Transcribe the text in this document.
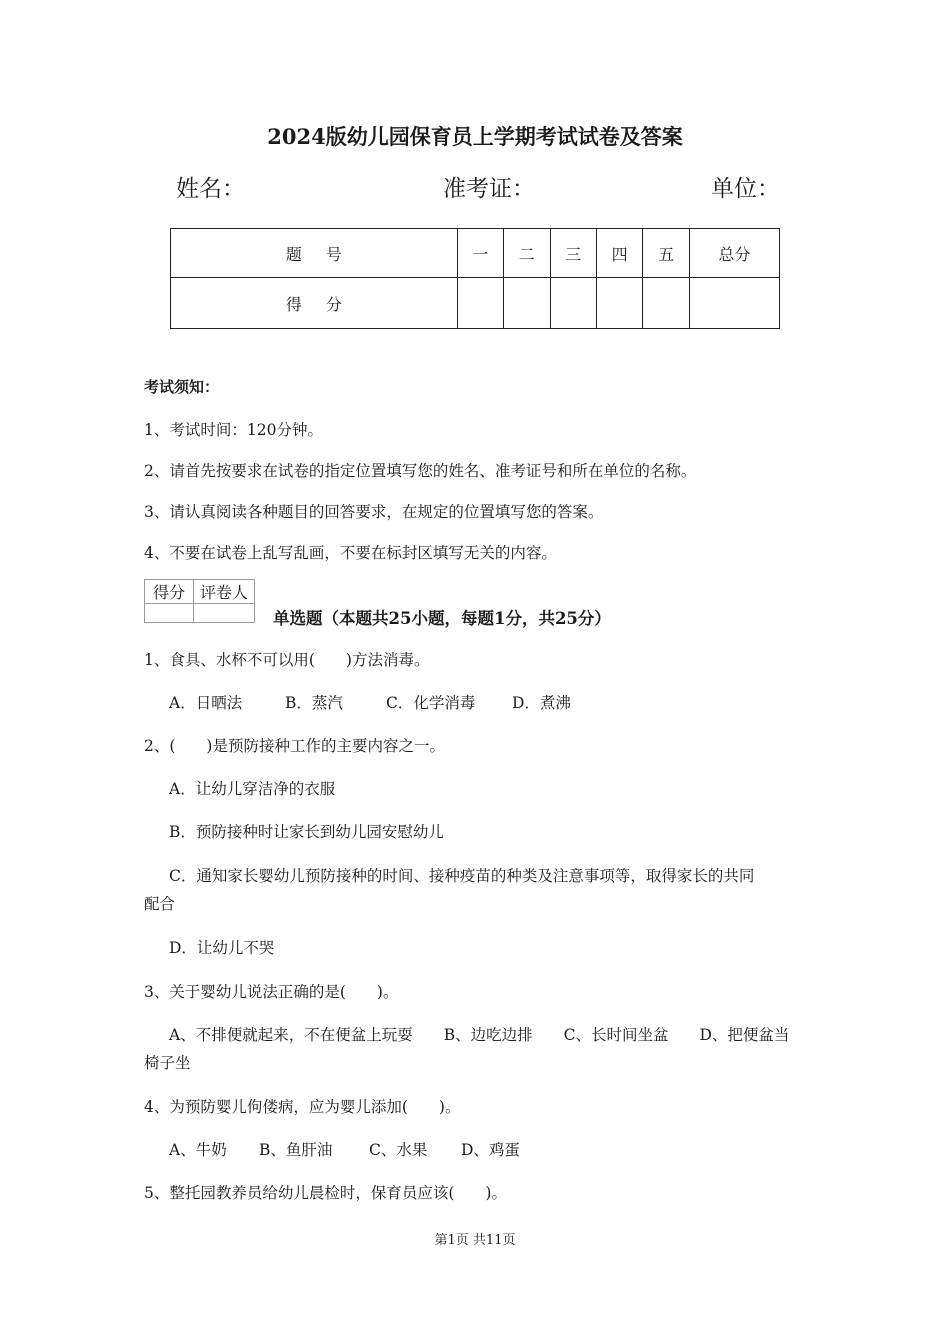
2024版幼儿园保育员上学期考试试卷及答案
姓名：	准考证：	单位：
题号	一	二	三	四	五	总分
得分						
考试须知：
1、考试时间：120分钟。
2、请首先按要求在试卷的指定位置填写您的姓名、准考证号和所在单位的名称。
3、请认真阅读各种题目的回答要求，在规定的位置填写您的答案。
4、不要在试卷上乱写乱画，不要在标封区填写无关的内容。
得分	评卷人

单选题（本题共25小题，每题1分，共25分）
1、食具、水杯不可以用(　　)方法消毒。
A．日晒法	B．蒸汽	C．化学消毒 D．煮沸
2、(　　)是预防接种工作的主要内容之一。
A．让幼儿穿洁净的衣服
B．预防接种时让家长到幼儿园安慰幼儿
C．通知家长婴幼儿预防接种的时间、接种疫苗的种类及注意事项等，取得家长的共同
配合
D．让幼儿不哭
3、关于婴幼儿说法正确的是(　　)。
A、不排便就起来，不在便盆上玩耍　　B、边吃边排　　C、长时间坐盆　　D、把便盆当
椅子坐
4、为预防婴儿佝偻病，应为婴儿添加(　　)。
A、牛奶 B、鱼肝油 C、水果 D、鸡蛋
5、整托园教养员给幼儿晨检时，保育员应该(　　)。
第1页 共11页
